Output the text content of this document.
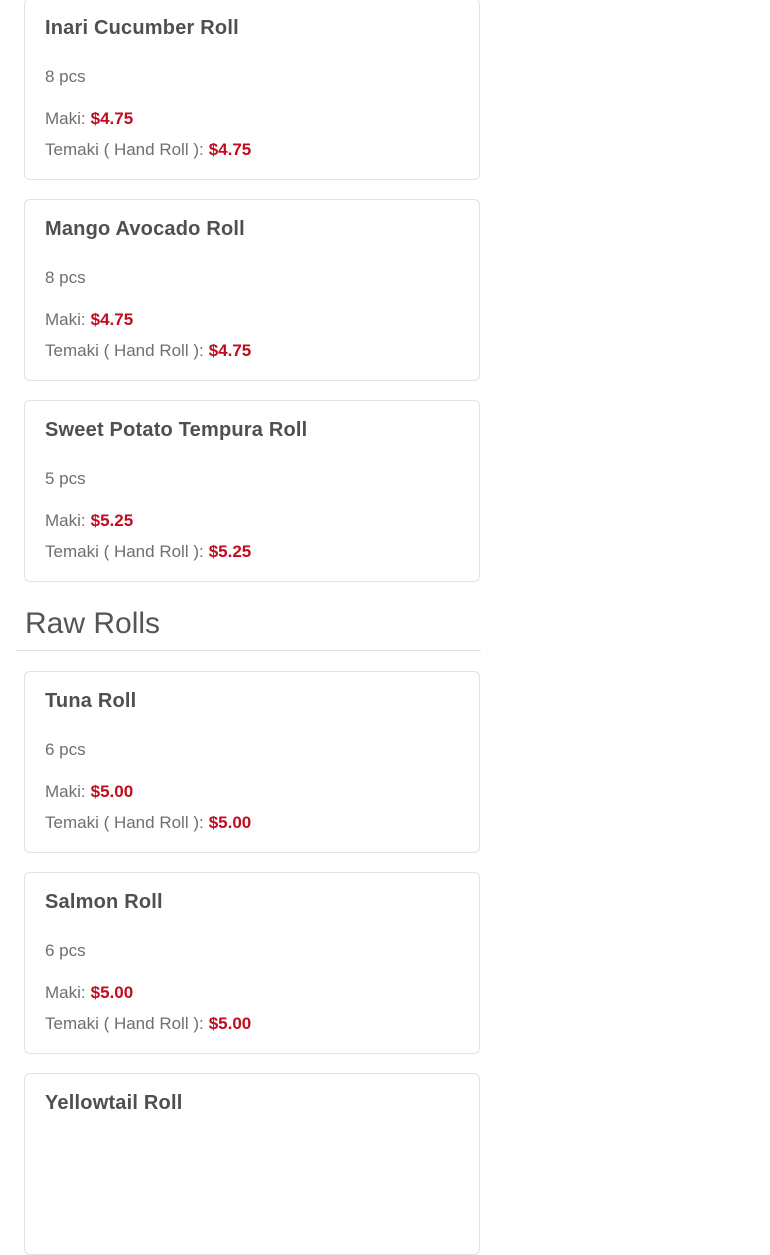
Inari Cucumber Roll
8 pcs
Maki: $4.75
Temaki ( Hand Roll ): $4.75
Mango Avocado Roll
8 pcs
Maki: $4.75
Temaki ( Hand Roll ): $4.75
Sweet Potato Tempura Roll
5 pcs
Maki: $5.25
Temaki ( Hand Roll ): $5.25
Raw Rolls
Tuna Roll
6 pcs
Maki: $5.00
Temaki ( Hand Roll ): $5.00
Salmon Roll
6 pcs
Maki: $5.00
Temaki ( Hand Roll ): $5.00
Yellowtail Roll
